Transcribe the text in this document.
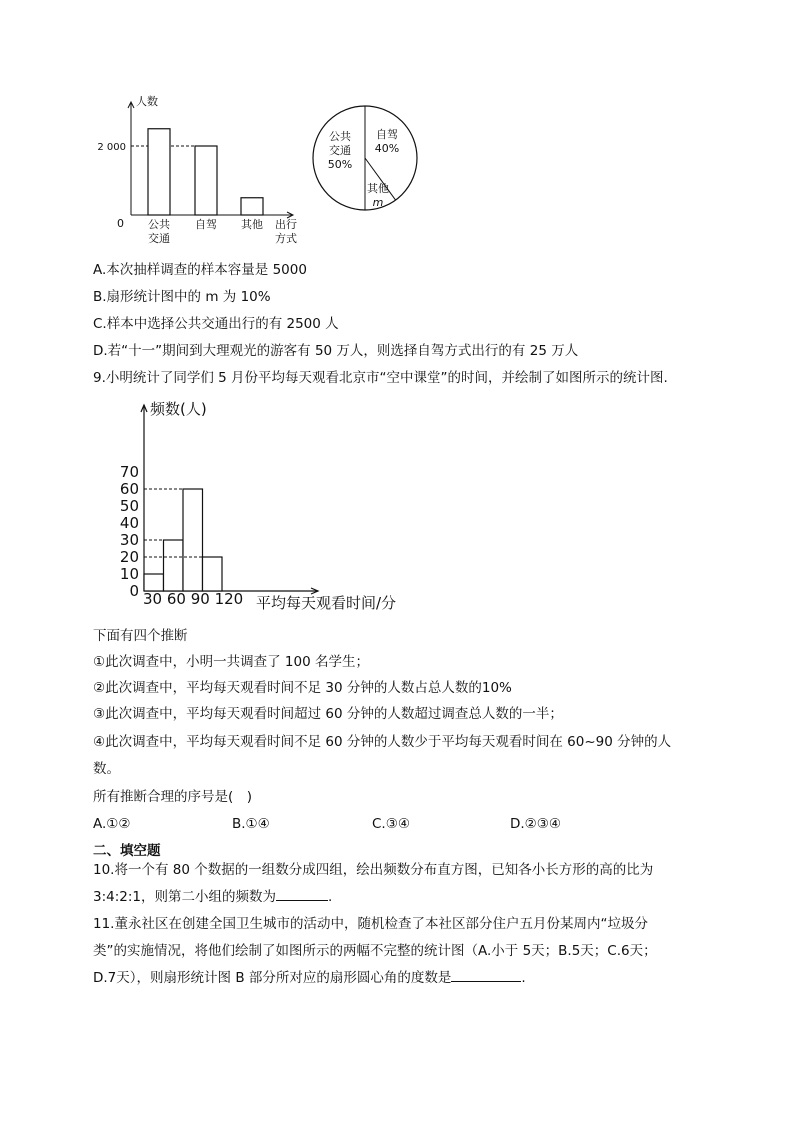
人数
0
2 000
公共
交通
自驾 其他 出行
方式
公共
交通
50%
自驾
40%
其他
m
A.本次抽样调查的样本容量是 5000
B.扇形统计图中的 m 为 10%
C.样本中选择公共交通出行的有 2500 人
D.若“十一”期间到大理观光的游客有 50 万人，则选择自驾方式出行的有 25 万人
9.小明统计了同学们 5 月份平均每天观看北京市“空中课堂”的时间，并绘制了如图所示的统计图.
频数(人)
0
10
20
30
40
50
60
70
30 60 90 120 平均每天观看时间/分
下面有四个推断
①此次调查中，小明一共调查了 100 名学生；
②此次调查中，平均每天观看时间不足 30 分钟的人数占总人数的10%
③此次调查中，平均每天观看时间超过 60 分钟的人数超过调查总人数的一半；
④此次调查中，平均每天观看时间不足 60 分钟的人数少于平均每天观看时间在 60~90 分钟的人
数。
所有推断合理的序号是(　)
A.①②	B.①④	C.③④	D.②③④
二、填空题
10.将一个有 80 个数据的一组数分成四组，绘出频数分布直方图，已知各小长方形的高的比为
3:4:2:1，则第二小组的频数为	.
11.董永社区在创建全国卫生城市的活动中，随机检查了本社区部分住户五月份某周内“垃圾分
类”的实施情况，将他们绘制了如图所示的两幅不完整的统计图（A.小于 5天；B.5天；C.6天；
D.7天），则扇形统计图 B 部分所对应的扇形圆心角的度数是	.
